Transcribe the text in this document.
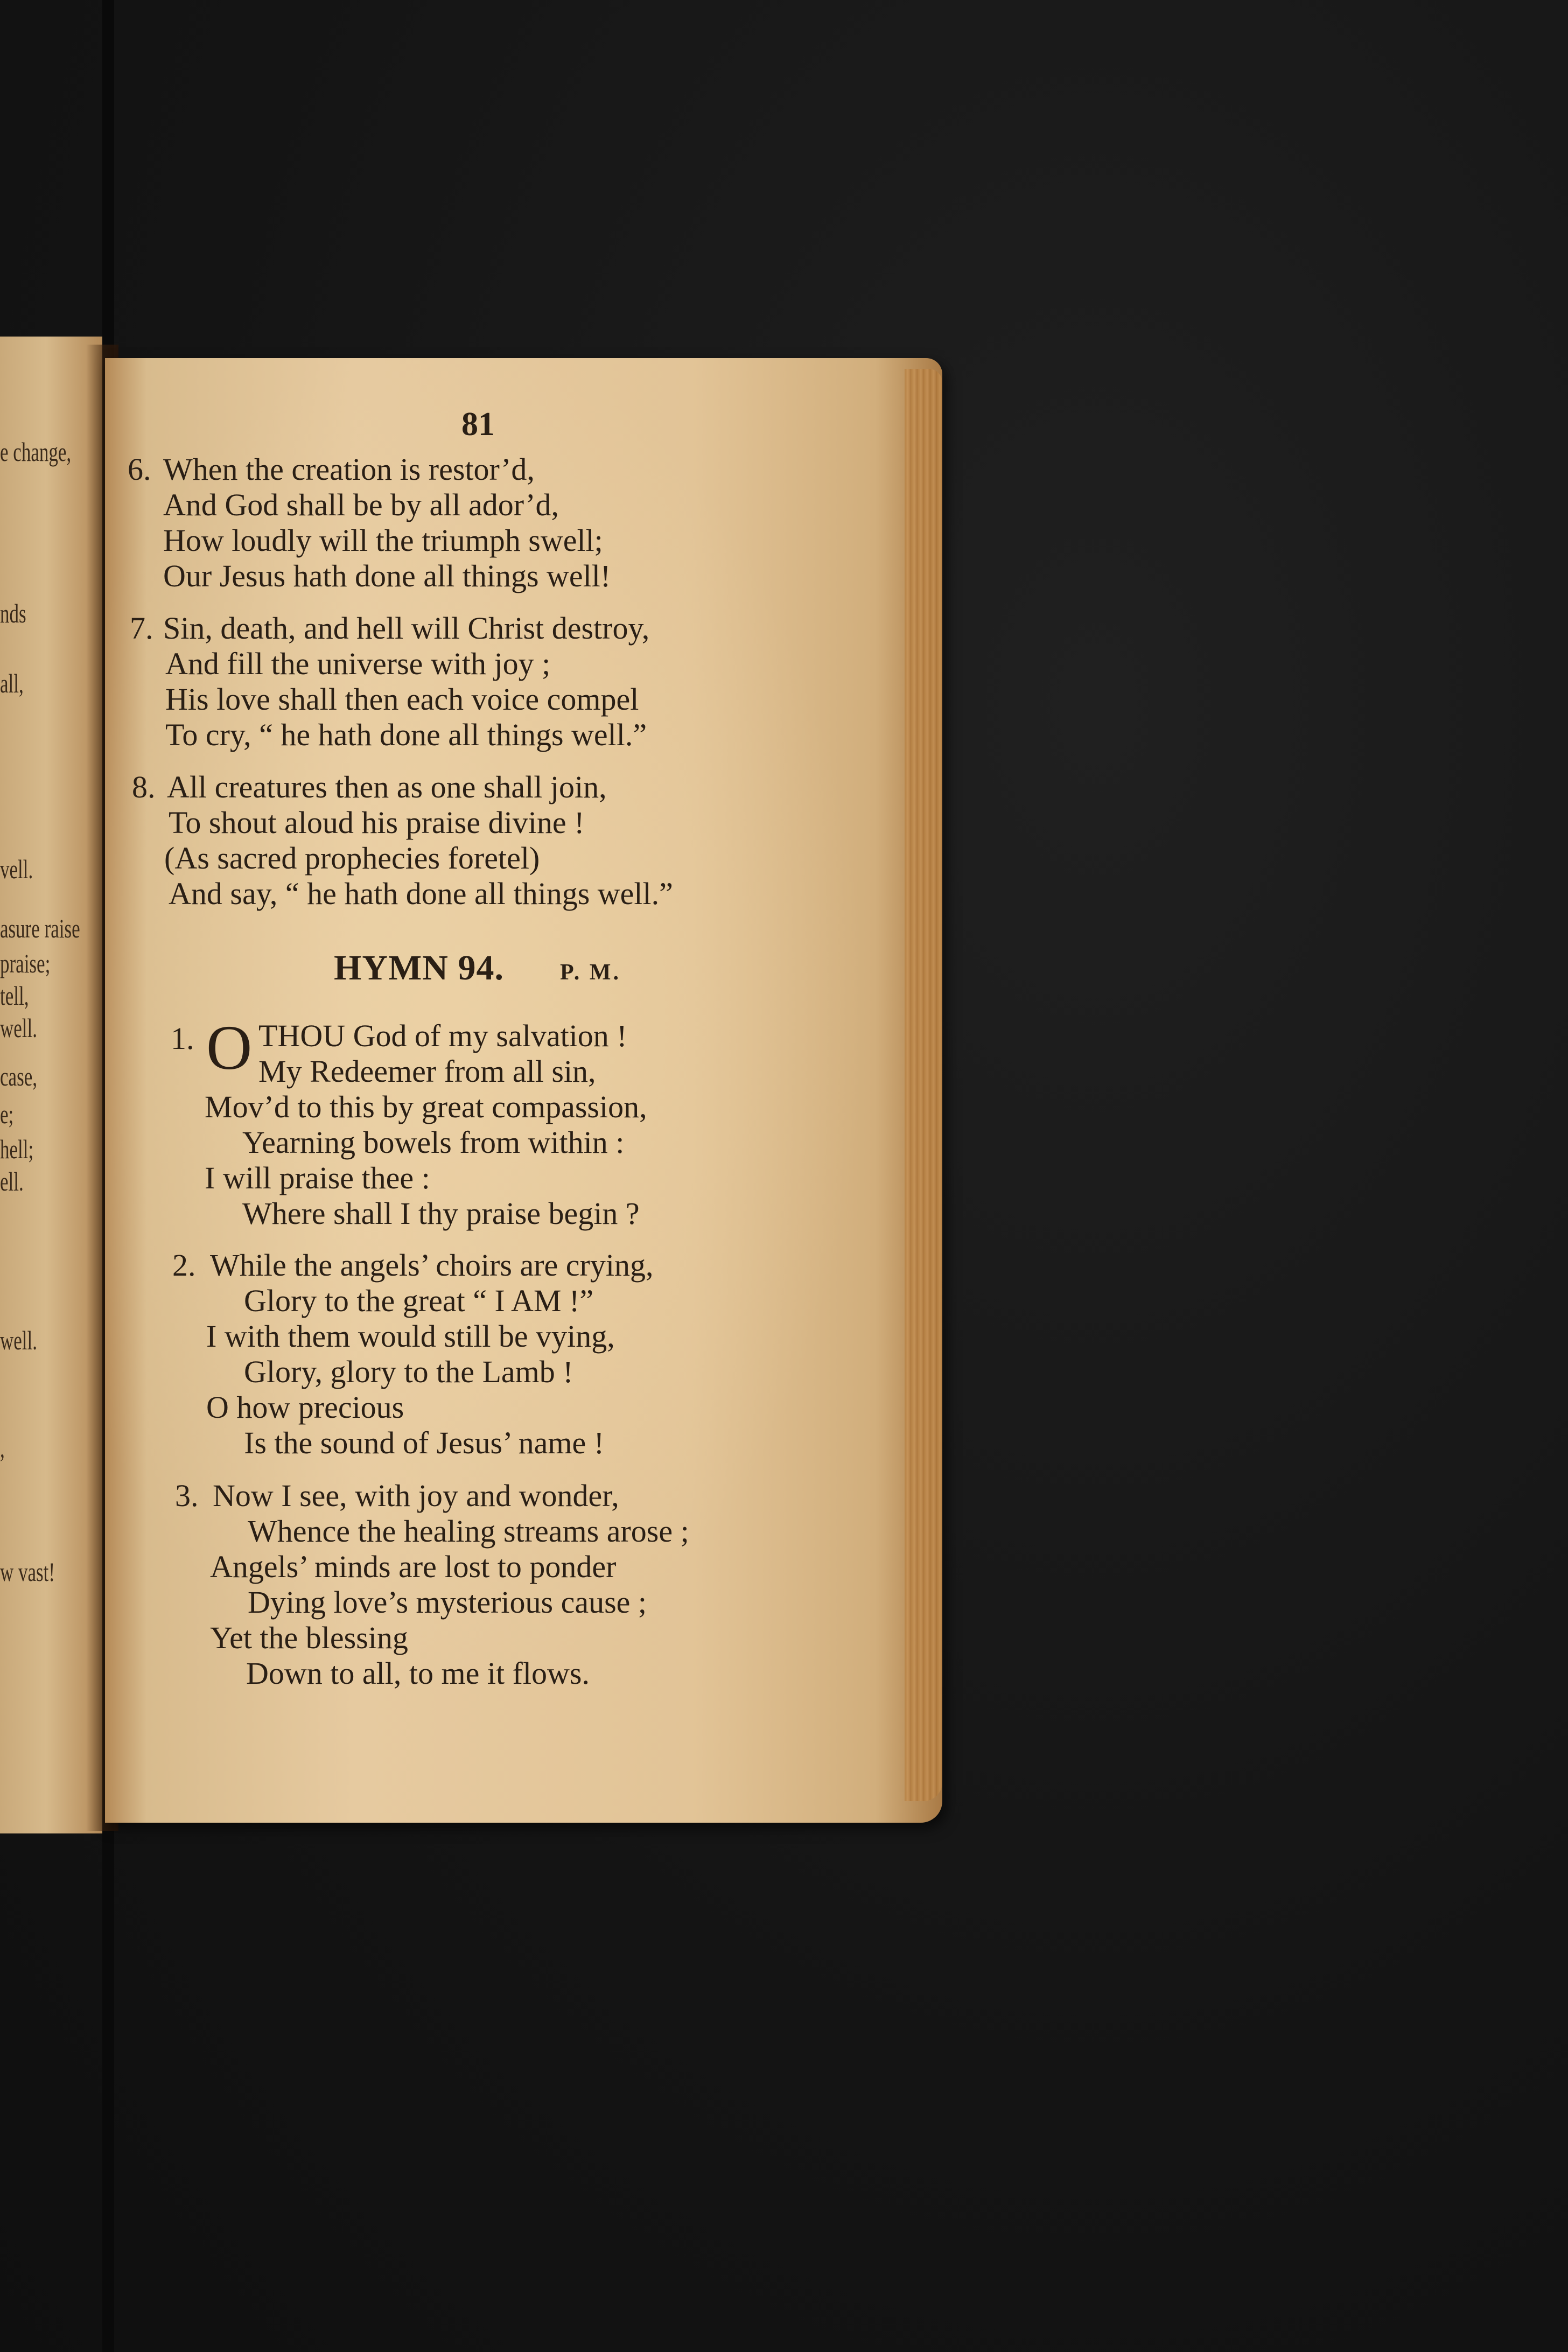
e change,
nds
all,
vell.
asure raise
praise;
tell,
well.
case,
e;
hell;
ell.
well.
,
w vast!
81
6. When the creation is restor’d,
And God shall be by all ador’d,
How loudly will the triumph swell;
Our Jesus hath done all things well!
7. Sin, death, and hell will Christ destroy,
And fill the universe with joy ;
His love shall then each voice compel
To cry, “ he hath done all things well.”
8. All creatures then as one shall join,
To shout aloud his praise divine !
(As sacred prophecies foretel)
And say, “ he hath done all things well.”
HYMN 94. P. M.
1. O THOU God of my salvation !
My Redeemer from all sin,
Mov’d to this by great compassion,
Yearning bowels from within :
I will praise thee :
Where shall I thy praise begin ?
2. While the angels’ choirs are crying,
Glory to the great “ I AM !”
I with them would still be vying,
Glory, glory to the Lamb !
O how precious
Is the sound of Jesus’ name !
3. Now I see, with joy and wonder,
Whence the healing streams arose ;
Angels’ minds are lost to ponder
Dying love’s mysterious cause ;
Yet the blessing
Down to all, to me it flows.
